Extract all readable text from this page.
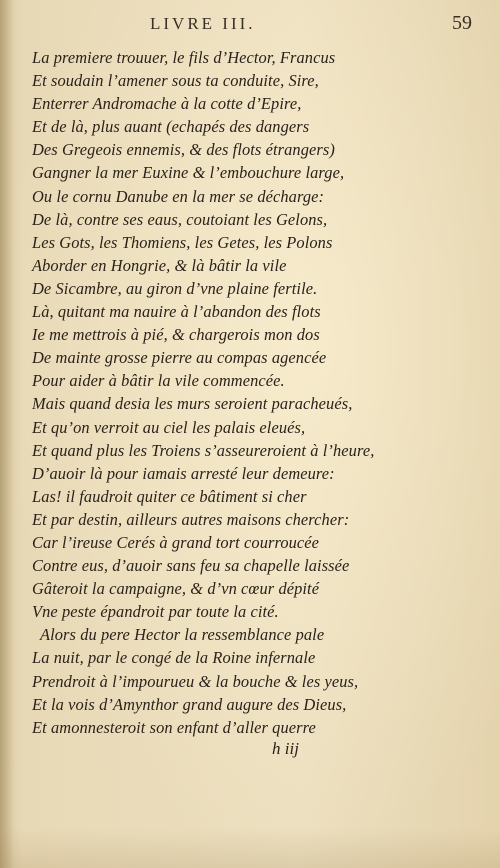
LIVRE III.	59
La premiere trouuer, le fils d’Hector, Francus
Et soudain l’amener sous ta conduite, Sire,
Enterrer Andromache à la cotte d’Epire,
Et de là, plus auant (echapés des dangers
Des Gregeois ennemis, & des flots étrangers)
Gangner la mer Euxine & l’embouchure large,
Ou le cornu Danube en la mer se décharge:
De là, contre ses eaus, coutoiant les Gelons,
Les Gots, les Thomiens, les Getes, les Polons
Aborder en Hongrie, & là bâtir la vile
De Sicambre, au giron d’vne plaine fertile.
Là, quitant ma nauire à l’abandon des flots
Ie me mettrois à pié, & chargerois mon dos
De mainte grosse pierre au compas agencée
Pour aider à bâtir la vile commencée.
Mais quand desia les murs seroient paracheués,
Et qu’on verroit au ciel les palais eleués,
Et quand plus les Troiens s’asseureroient à l’heure,
D’auoir là pour iamais arresté leur demeure:
Las! il faudroit quiter ce bâtiment si cher
Et par destin, ailleurs autres maisons chercher:
Car l’ireuse Cerés à grand tort courroucée
Contre eus, d’auoir sans feu sa chapelle laissée
Gâteroit la campaigne, & d’vn cœur dépité
Vne peste épandroit par toute la cité.
Alors du pere Hector la ressemblance pale
La nuit, par le congé de la Roine infernale
Prendroit à l’impourueu & la bouche & les yeus,
Et la vois d’Amynthor grand augure des Dieus,
Et amonnesteroit son enfant d’aller querre
h iij
